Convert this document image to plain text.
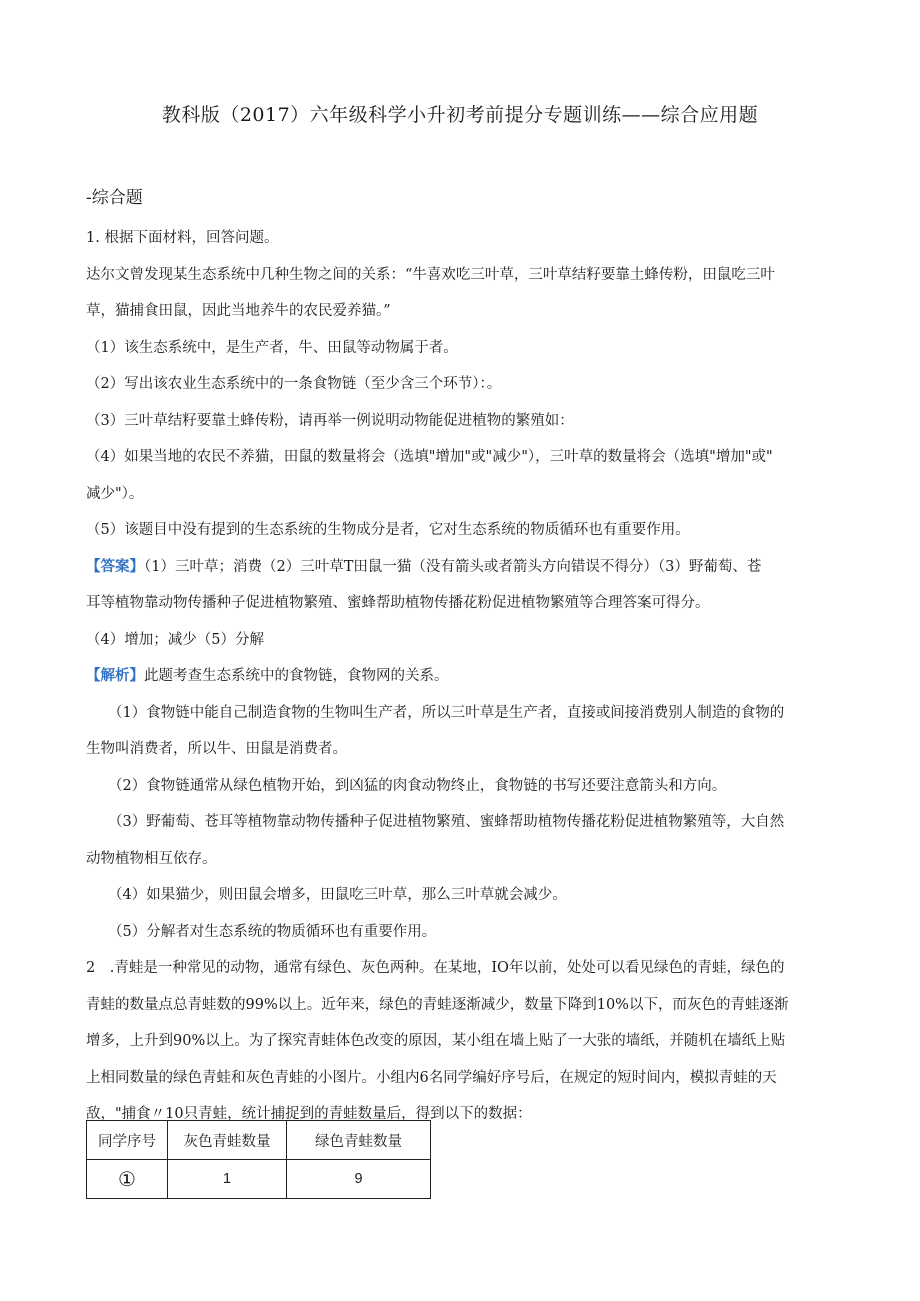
教科版（2017）六年级科学小升初考前提分专题训练——综合应用题
-综合题
1. 根据下面材料，回答问题。
达尔文曾发现某生态系统中几种生物之间的关系：“牛喜欢吃三叶草，三叶草结籽要靠土蜂传粉，田鼠吃三叶
草，猫捕食田鼠，因此当地养牛的农民爱养猫。”
（1）该生态系统中，是生产者，牛、田鼠等动物属于者。
（2）写出该农业生态系统中的一条食物链（至少含三个环节）：。
（3）三叶草结籽要靠土蜂传粉，请再举一例说明动物能促进植物的繁殖如：
（4）如果当地的农民不养猫，田鼠的数量将会（选填"增加"或"减少"），三叶草的数量将会（选填"增加"或"
减少"）。
（5）该题目中没有提到的生态系统的生物成分是者，它对生态系统的物质循环也有重要作用。
【答案】（1）三叶草；消费（2）三叶草T田鼠一猫（没有箭头或者箭头方向错误不得分）（3）野葡萄、苍
耳等植物靠动物传播种子促进植物繁殖、蜜蜂帮助植物传播花粉促进植物繁殖等合理答案可得分。
（4）增加；减少（5）分解
【解析】此题考查生态系统中的食物链，食物网的关系。
（1）食物链中能自己制造食物的生物叫生产者，所以三叶草是生产者，直接或间接消费别人制造的食物的
生物叫消费者，所以牛、田鼠是消费者。
（2）食物链通常从绿色植物开始，到凶猛的肉食动物终止，食物链的书写还要注意箭头和方向。
（3）野葡萄、苍耳等植物靠动物传播种子促进植物繁殖、蜜蜂帮助植物传播花粉促进植物繁殖等，大自然
动物植物相互依存。
（4）如果猫少，则田鼠会增多，田鼠吃三叶草，那么三叶草就会减少。
（5）分解者对生态系统的物质循环也有重要作用。
2　.青蛙是一种常见的动物，通常有绿色、灰色两种。在某地，IO年以前，处处可以看见绿色的青蛙，绿色的
青蛙的数量点总青蛙数的99%以上。近年来，绿色的青蛙逐渐减少，数量下降到10%以下，而灰色的青蛙逐渐
增多，上升到90%以上。为了探究青蛙体色改变的原因，某小组在墙上贴了一大张的墙纸，并随机在墙纸上贴
上相同数量的绿色青蛙和灰色青蛙的小图片。小组内6名同学编好序号后，在规定的短时间内，模拟青蛙的天
敌，"捕食〃10只青蛙，统计捕捉到的青蛙数量后，得到以下的数据：
同学序号	灰色青蛙数量	绿色青蛙数量
①	1	9
